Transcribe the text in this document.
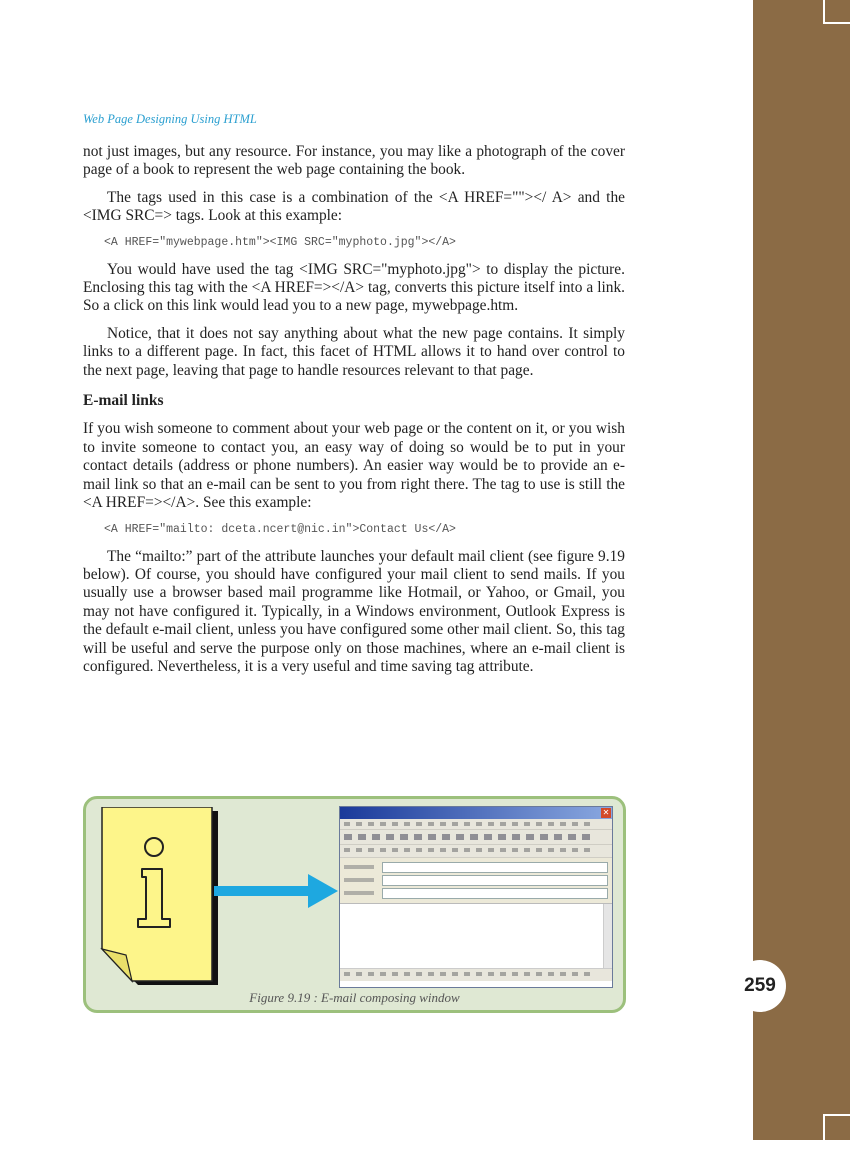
259
Web Page Designing Using HTML

not just images, but any resource. For instance, you may like a photograph of the cover page of a book to represent the web page containing the book.

The tags used in this case is a combination of the <A HREF=""></ A> and the <IMG SRC=> tags. Look at this example:

<A HREF="mywebpage.htm"><IMG SRC="myphoto.jpg"></A>

You would have used the tag <IMG SRC="myphoto.jpg"> to display the picture. Enclosing this tag with the <A HREF=></A> tag, converts this picture itself into a link. So a click on this link would lead you to a new page, mywebpage.htm.

Notice, that it does not say anything about what the new page contains. It simply links to a different page. In fact, this facet of HTML allows it to hand over control to the next page, leaving that page to handle resources relevant to that page.

E-mail links

If you wish someone to comment about your web page or the content on it, or you wish to invite someone to contact you, an easy way of doing so would be to put in your contact details (address or phone numbers). An easier way would be to provide an e-mail link so that an e-mail can be sent to you from right there. The tag to use is still the <A HREF=></A>. See this example:

<A HREF="mailto: dceta.ncert@nic.in">Contact Us</A>

The “mailto:” part of the attribute launches your default mail client (see figure 9.19 below). Of course, you should have configured your mail client to send mails. If you usually use a browser based mail programme like Hotmail, or Yahoo, or Gmail, you may not have configured it. Typically, in a Windows environment, Outlook Express is the default e-mail client, unless you have configured some other mail client. So, this tag will be useful and serve the purpose only on those machines, where an e-mail client is configured. Nevertheless, it is a very useful and time saving tag attribute.

✕
Figure 9.19 : E-mail composing window
